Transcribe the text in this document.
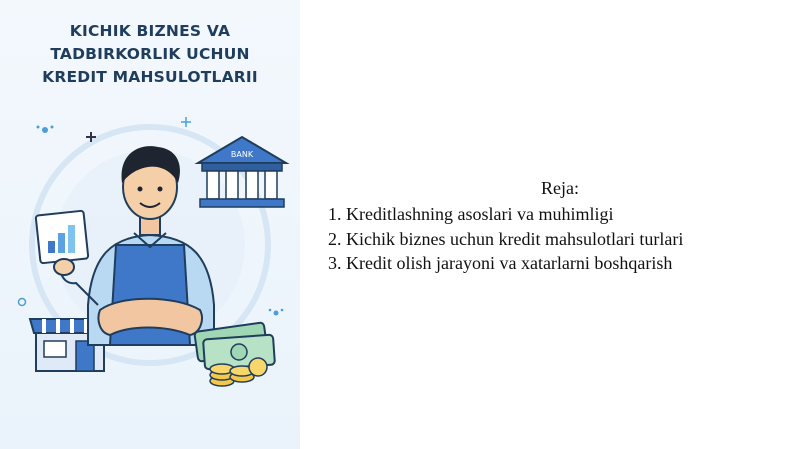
KICHIK BIZNES VA
TADBIRKORLIK UCHUN
KREDIT MAHSULOTLARII
BANK
Reja:
1. Kreditlashning asoslari va muhimligi
2. Kichik biznes uchun kredit mahsulotlari turlari
3. Kredit olish jarayoni va xatarlarni boshqarish
